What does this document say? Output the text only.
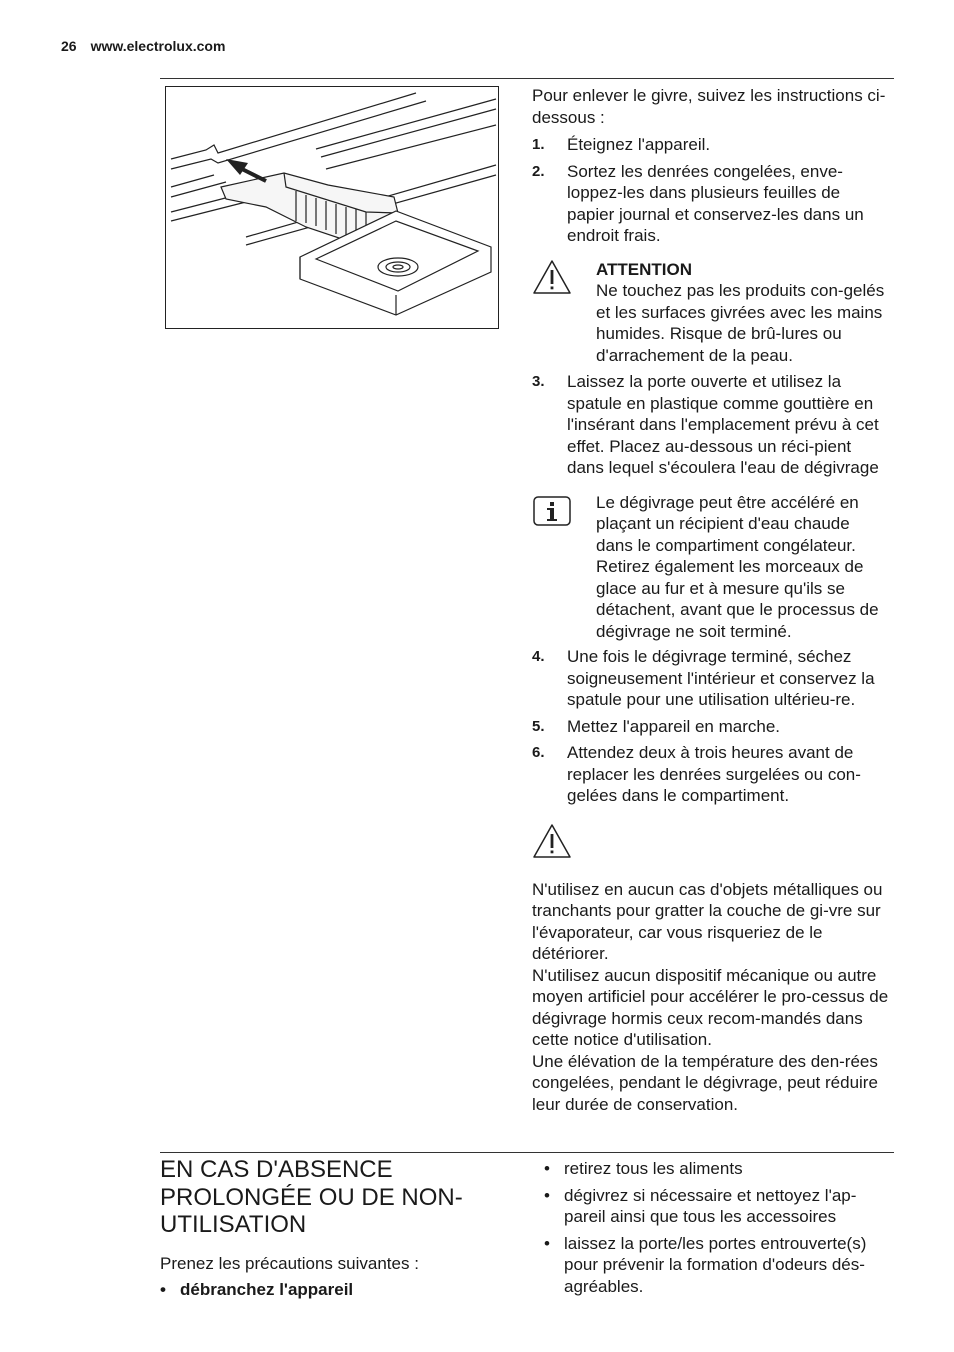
26 www.electrolux.com

Pour enlever le givre, suivez les instructions ci-dessous :

1. Éteignez l'appareil.
2. Sortez les denrées congelées, enve-loppez-les dans plusieurs feuilles de papier journal et conservez-les dans un endroit frais.
ATTENTION
Ne touchez pas les produits con-gelés et les surfaces givrées avec les mains humides. Risque de brû-lures ou d'arrachement de la peau.
3. Laissez la porte ouverte et utilisez la spatule en plastique comme gouttière en l'insérant dans l'emplacement prévu à cet effet. Placez au-dessous un réci-pient dans lequel s'écoulera l'eau de dégivrage
Le dégivrage peut être accéléré en plaçant un récipient d'eau chaude dans le compartiment congélateur. Retirez également les morceaux de glace au fur et à mesure qu'ils se détachent, avant que le processus de dégivrage ne soit terminé.
4. Une fois le dégivrage terminé, séchez soigneusement l'intérieur et conservez la spatule pour une utilisation ultérieu-re.
5. Mettez l'appareil en marche.
6. Attendez deux à trois heures avant de replacer les denrées surgelées ou con-gelées dans le compartiment.

N'utilisez en aucun cas d'objets métalliques ou tranchants pour gratter la couche de gi-vre sur l'évaporateur, car vous risqueriez de le détériorer.

N'utilisez aucun dispositif mécanique ou autre moyen artificiel pour accélérer le pro-cessus de dégivrage hormis ceux recom-mandés dans cette notice d'utilisation.

Une élévation de la température des den-rées congelées, pendant le dégivrage, peut réduire leur durée de conservation.

EN CAS D'ABSENCE PROLONGÉE OU DE NON-UTILISATION

Prenez les précautions suivantes :

• débranchez l'appareil
• retirez tous les aliments
• dégivrez si nécessaire et nettoyez l'ap-pareil ainsi que tous les accessoires
• laissez la porte/les portes entrouverte(s) pour prévenir la formation d'odeurs dés-agréables.
